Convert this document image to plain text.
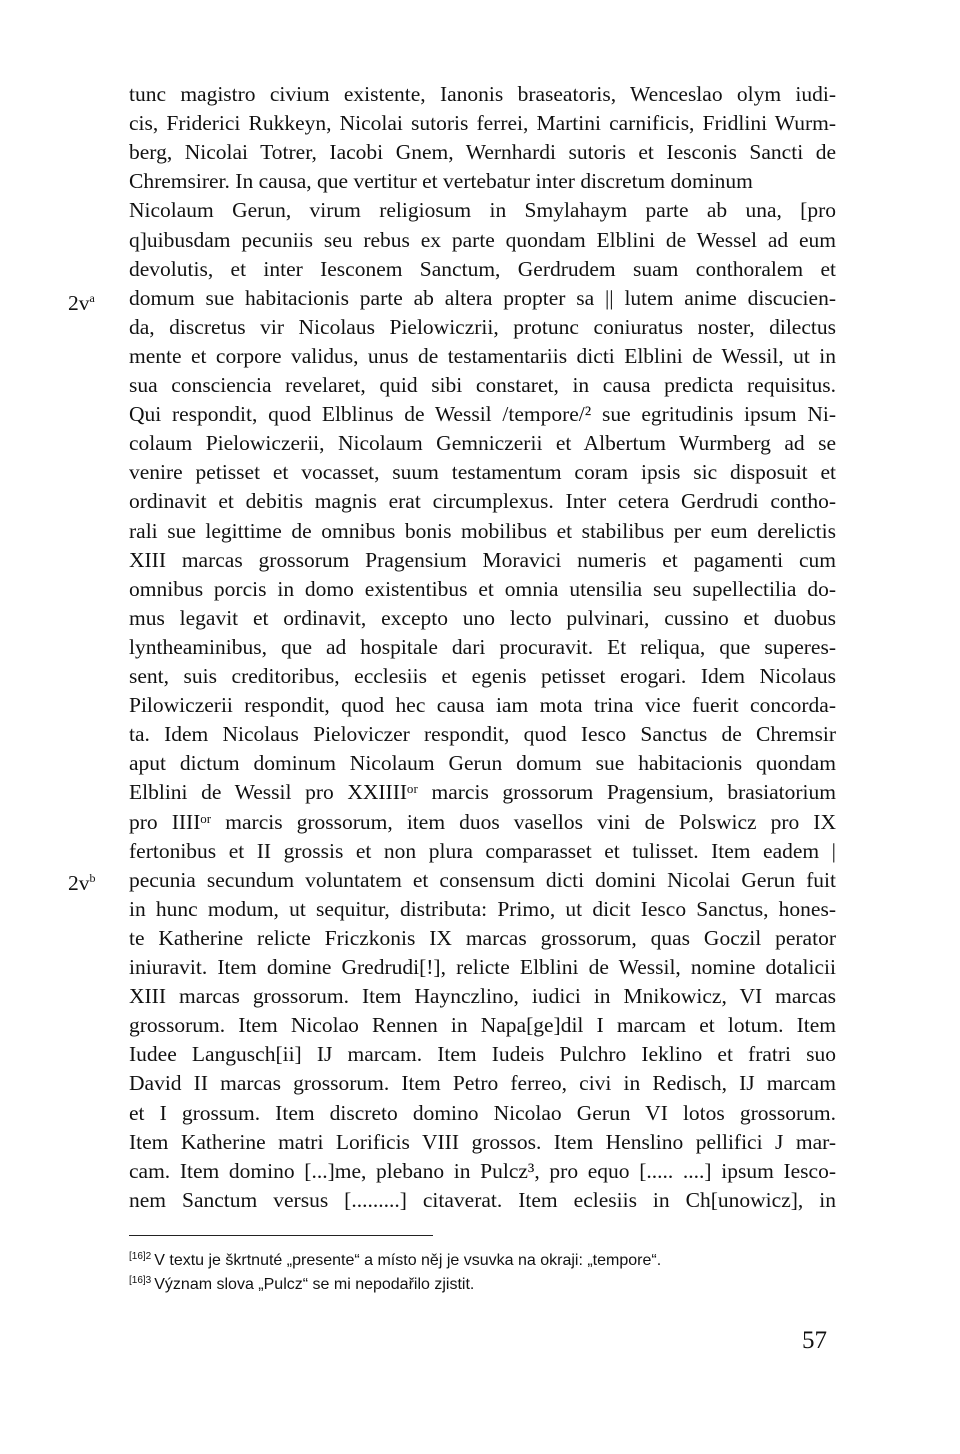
$2v^a$
$2v^b$
tunc magistro civium existente, Ianonis braseatoris, Wenceslao olym iudi-
cis, Friderici Rukkeyn, Nicolai sutoris ferrei, Martini carnificis, Fridlini Wurm-
berg, Nicolai Totrer, Iacobi Gnem, Wernhardi sutoris et Iesconis Sancti de
Chremsirer. In causa, que vertitur et vertebatur inter discretum dominum
Nicolaum Gerun, virum religiosum in Smylahaym parte ab una, [pro
q]uibusdam pecuniis seu rebus ex parte quondam Elblini de Wessel ad eum
devolutis, et inter Iesconem Sanctum, Gerdrudem suam conthoralem et
domum sue habitacionis parte ab altera propter sa || lutem anime discucien-
da, discretus vir Nicolaus Pielowiczrii, protunc coniuratus noster, dilectus
mente et corpore validus, unus de testamentariis dicti Elblini de Wessil, ut in
sua consciencia revelaret, quid sibi constaret, in causa predicta requisitus.
Qui respondit, quod Elblinus de Wessil /tempore/² sue egritudinis ipsum Ni-
colaum Pielowiczerii, Nicolaum Gemniczerii et Albertum Wurmberg ad se
venire petisset et vocasset, suum testamentum coram ipsis sic disposuit et
ordinavit et debitis magnis erat circumplexus. Inter cetera Gerdrudi contho-
rali sue legittime de omnibus bonis mobilibus et stabilibus per eum derelictis
XIII marcas grossorum Pragensium Moravici numeris et pagamenti cum
omnibus porcis in domo existentibus et omnia utensilia seu supellectilia do-
mus legavit et ordinavit, excepto uno lecto pulvinari, cussino et duobus
lyntheaminibus, que ad hospitale dari procuravit. Et reliqua, que superes-
sent, suis creditoribus, ecclesiis et egenis petisset erogari. Idem Nicolaus
Pilowiczerii respondit, quod hec causa iam mota trina vice fuerit concorda-
ta. Idem Nicolaus Pieloviczer respondit, quod Iesco Sanctus de Chremsir
aput dictum dominum Nicolaum Gerun domum sue habitacionis quondam
Elblini de Wessil pro XXIIIIᵒʳ marcis grossorum Pragensium, brasiatorium
pro IIIIᵒʳ marcis grossorum, item duos vasellos vini de Polswicz pro IX
fertonibus et II grossis et non plura comparasset et tulisset. Item eadem |
pecunia secundum voluntatem et consensum dicti domini Nicolai Gerun fuit
in hunc modum, ut sequitur, distributa: Primo, ut dicit Iesco Sanctus, hones-
te Katherine relicte Friczkonis IX marcas grossorum, quas Goczil perator
iniuravit. Item domine Gredrudi[!], relicte Elblini de Wessil, nomine dotalicii
XIII marcas grossorum. Item Haynczlino, iudici in Mnikowicz, VI marcas
grossorum. Item Nicolao Rennen in Napa[ge]dil I marcam et lotum. Item
Iudee Langusch[ii] IJ marcam. Item Iudeis Pulchro Ieklino et fratri suo
David II marcas grossorum. Item Petro ferreo, civi in Redisch, IJ marcam
et I grossum. Item discreto domino Nicolao Gerun VI lotos grossorum.
Item Katherine matri Lorificis VIII grossos. Item Henslino pellifici J mar-
cam. Item domino [...]me, plebano in Pulcz³, pro equo [..... ....] ipsum Iesco-
nem Sanctum versus [.........] citaverat. Item eclesiis in Ch[unowicz], in
$^{[16]2}$ V textu je škrtnuté „presente“ a místo něj je vsuvka na okraji: „tempore“.
$^{[16]3}$ Význam slova „Pulcz“ se mi nepodařilo zjistit.
57
